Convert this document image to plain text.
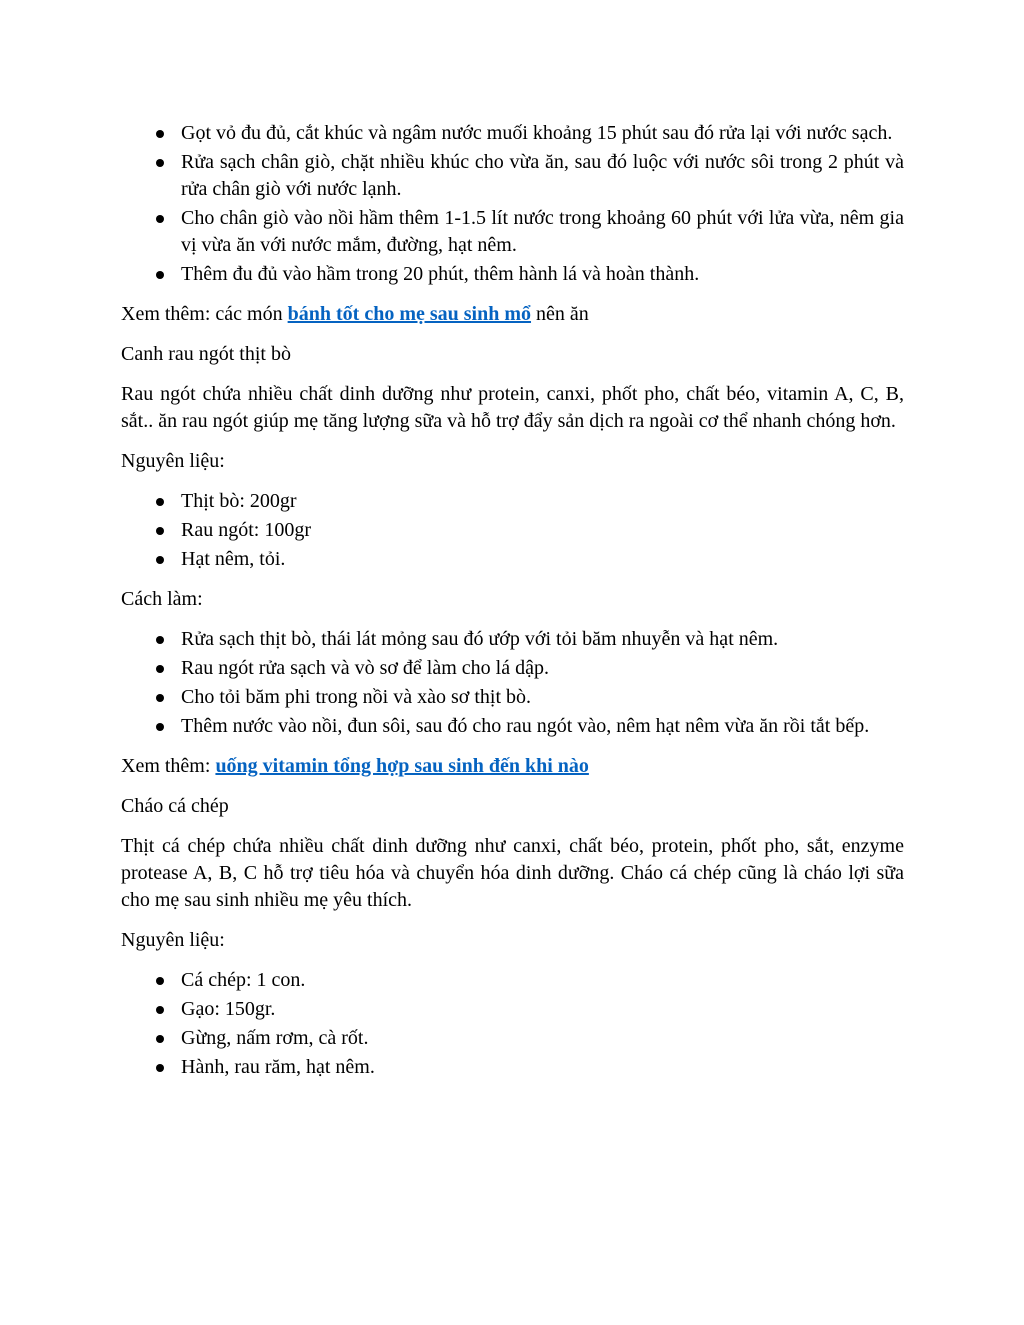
Gọt vỏ đu đủ, cắt khúc và ngâm nước muối khoảng 15 phút sau đó rửa lại với nước sạch.
Rửa sạch chân giò, chặt nhiều khúc cho vừa ăn, sau đó luộc với nước sôi trong 2 phút và rửa chân giò với nước lạnh.
Cho chân giò vào nồi hầm thêm 1-1.5 lít nước trong khoảng 60 phút với lửa vừa, nêm gia vị vừa ăn với nước mắm, đường, hạt nêm.
Thêm đu đủ vào hầm trong 20 phút, thêm hành lá và hoàn thành.

Xem thêm: các món bánh tốt cho mẹ sau sinh mổ nên ăn

Canh rau ngót thịt bò

Rau ngót chứa nhiều chất dinh dưỡng như protein, canxi, phốt pho, chất béo, vitamin A, C, B, sắt.. ăn rau ngót giúp mẹ tăng lượng sữa và hỗ trợ đẩy sản dịch ra ngoài cơ thể nhanh chóng hơn.

Nguyên liệu:

Thịt bò: 200gr
Rau ngót: 100gr
Hạt nêm, tỏi.

Cách làm:

Rửa sạch thịt bò, thái lát mỏng sau đó ướp với tỏi băm nhuyễn và hạt nêm.
Rau ngót rửa sạch và vò sơ để làm cho lá dập.
Cho tỏi băm phi trong nồi và xào sơ thịt bò.
Thêm nước vào nồi, đun sôi, sau đó cho rau ngót vào, nêm hạt nêm vừa ăn rồi tắt bếp.

Xem thêm: uống vitamin tổng hợp sau sinh đến khi nào

Cháo cá chép

Thịt cá chép chứa nhiều chất dinh dưỡng như canxi, chất béo, protein, phốt pho, sắt, enzyme protease A, B, C hỗ trợ tiêu hóa và chuyển hóa dinh dưỡng. Cháo cá chép cũng là cháo lợi sữa cho mẹ sau sinh nhiều mẹ yêu thích.

Nguyên liệu:

Cá chép: 1 con.
Gạo: 150gr.
Gừng, nấm rơm, cà rốt.
Hành, rau răm, hạt nêm.
